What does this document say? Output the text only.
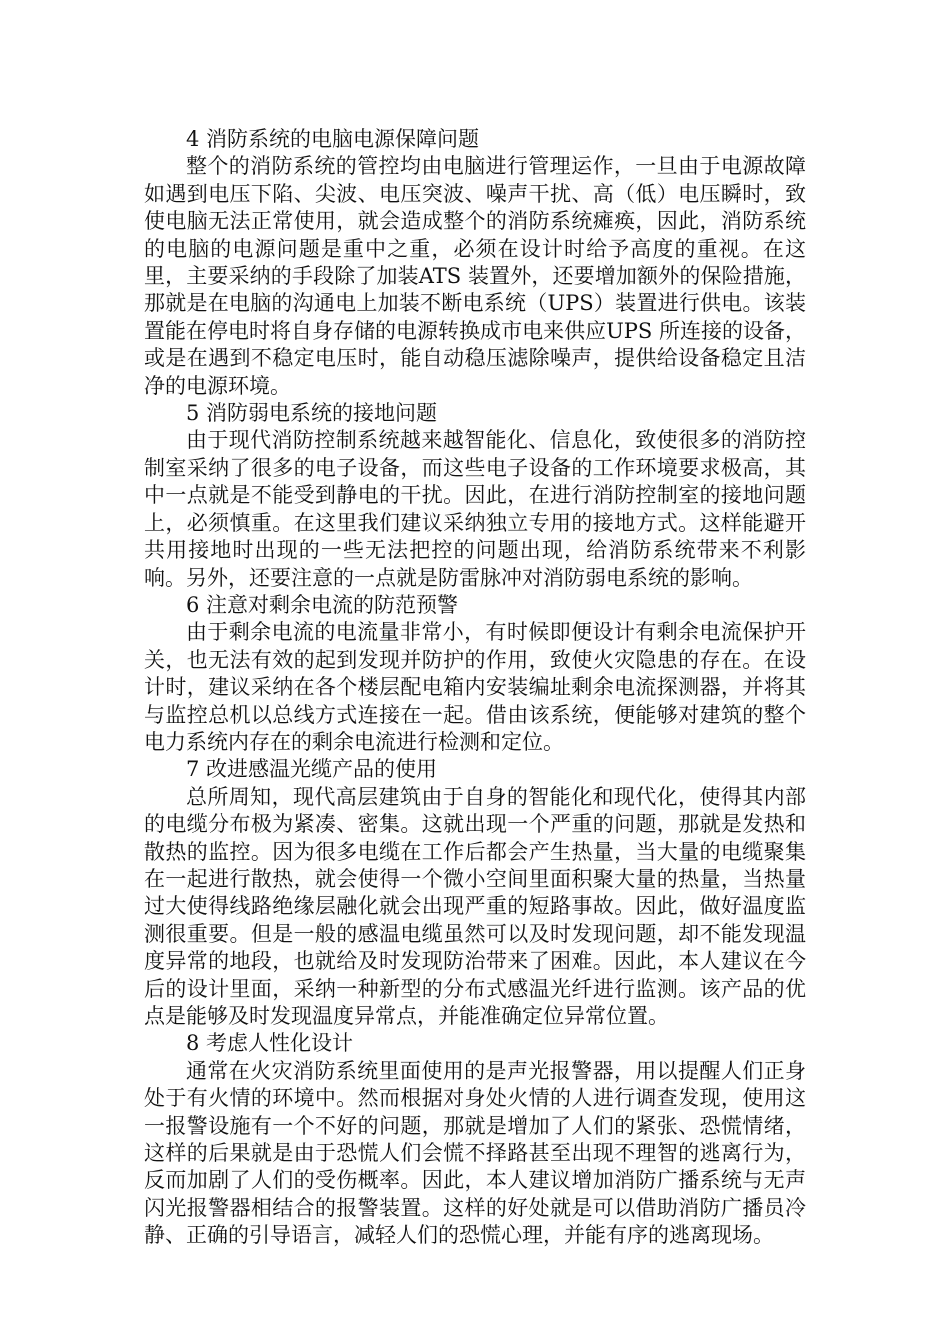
4 消防系统的电脑电源保障问题

整个的消防系统的管控均由电脑进行管理运作，一旦由于电源故障如遇到电压下陷、尖波、电压突波、噪声干扰、高（低）电压瞬时，致使电脑无法正常使用，就会造成整个的消防系统瘫痪，因此，消防系统的电脑的电源问题是重中之重，必须在设计时给予高度的重视。在这里，主要采纳的手段除了加装ATS 装置外，还要增加额外的保险措施，那就是在电脑的沟通电上加装不断电系统（UPS）装置进行供电。该装置能在停电时将自身存储的电源转换成市电来供应UPS 所连接的设备，或是在遇到不稳定电压时，能自动稳压滤除噪声，提供给设备稳定且洁净的电源环境。

5 消防弱电系统的接地问题

由于现代消防控制系统越来越智能化、信息化，致使很多的消防控制室采纳了很多的电子设备，而这些电子设备的工作环境要求极高，其中一点就是不能受到静电的干扰。因此，在进行消防控制室的接地问题上，必须慎重。在这里我们建议采纳独立专用的接地方式。这样能避开共用接地时出现的一些无法把控的问题出现，给消防系统带来不利影响。另外，还要注意的一点就是防雷脉冲对消防弱电系统的影响。

6 注意对剩余电流的防范预警

由于剩余电流的电流量非常小，有时候即便设计有剩余电流保护开关，也无法有效的起到发现并防护的作用，致使火灾隐患的存在。在设计时，建议采纳在各个楼层配电箱内安装编址剩余电流探测器，并将其与监控总机以总线方式连接在一起。借由该系统，便能够对建筑的整个电力系统内存在的剩余电流进行检测和定位。

7 改进感温光缆产品的使用

总所周知，现代高层建筑由于自身的智能化和现代化，使得其内部的电缆分布极为紧凑、密集。这就出现一个严重的问题，那就是发热和散热的监控。因为很多电缆在工作后都会产生热量，当大量的电缆聚集在一起进行散热，就会使得一个微小空间里面积聚大量的热量，当热量过大使得线路绝缘层融化就会出现严重的短路事故。因此，做好温度监测很重要。但是一般的感温电缆虽然可以及时发现问题，却不能发现温度异常的地段，也就给及时发现防治带来了困难。因此，本人建议在今后的设计里面，采纳一种新型的分布式感温光纤进行监测。该产品的优点是能够及时发现温度异常点，并能准确定位异常位置。

8 考虑人性化设计

通常在火灾消防系统里面使用的是声光报警器，用以提醒人们正身处于有火情的环境中。然而根据对身处火情的人进行调查发现，使用这一报警设施有一个不好的问题，那就是增加了人们的紧张、恐慌情绪，这样的后果就是由于恐慌人们会慌不择路甚至出现不理智的逃离行为，反而加剧了人们的受伤概率。因此，本人建议增加消防广播系统与无声闪光报警器相结合的报警装置。这样的好处就是可以借助消防广播员冷静、正确的引导语言，减轻人们的恐慌心理，并能有序的逃离现场。
